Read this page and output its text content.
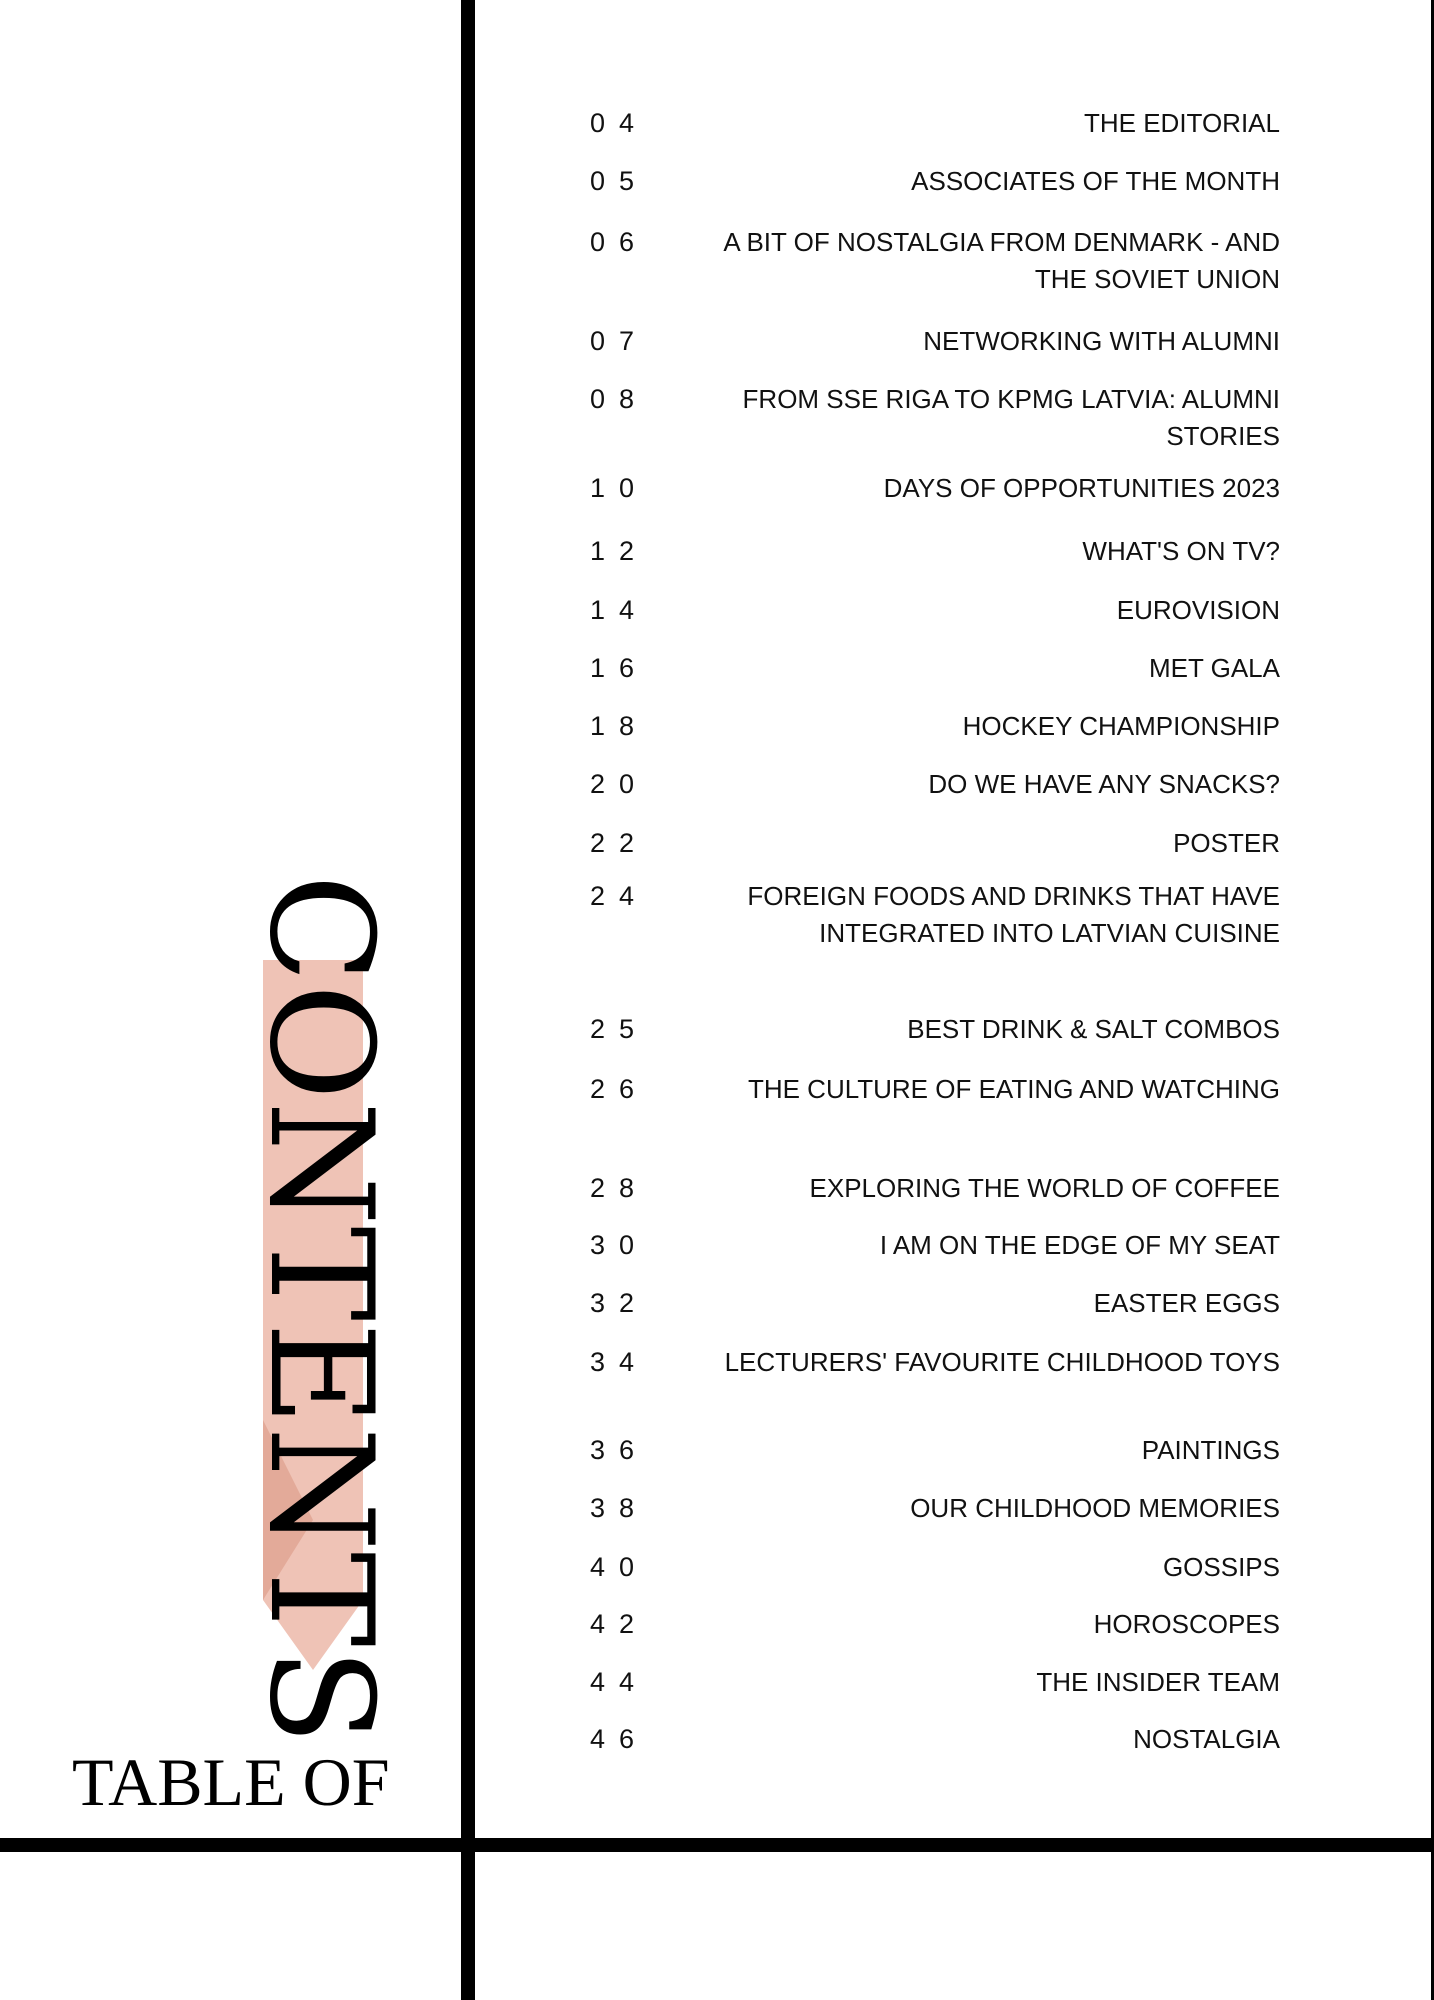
CONTENTS
TABLE OF
04	THE EDITORIAL
05	ASSOCIATES OF THE MONTH
06	A BIT OF NOSTALGIA FROM DENMARK - AND THE SOVIET UNION
07	NETWORKING WITH ALUMNI
08	FROM SSE RIGA TO KPMG LATVIA: ALUMNI STORIES
10	DAYS OF OPPORTUNITIES 2023
12	WHAT'S ON TV?
14	EUROVISION
16	MET GALA
18	HOCKEY CHAMPIONSHIP
20	DO WE HAVE ANY SNACKS?
22	POSTER
24	FOREIGN FOODS AND DRINKS THAT HAVE INTEGRATED INTO LATVIAN CUISINE
25	BEST DRINK & SALT COMBOS
26	THE CULTURE OF EATING AND WATCHING
28	EXPLORING THE WORLD OF COFFEE
30	I AM ON THE EDGE OF MY SEAT
32	EASTER EGGS
34	LECTURERS' FAVOURITE CHILDHOOD TOYS
36	PAINTINGS
38	OUR CHILDHOOD MEMORIES
40	GOSSIPS
42	HOROSCOPES
44	THE INSIDER TEAM
46	NOSTALGIA
